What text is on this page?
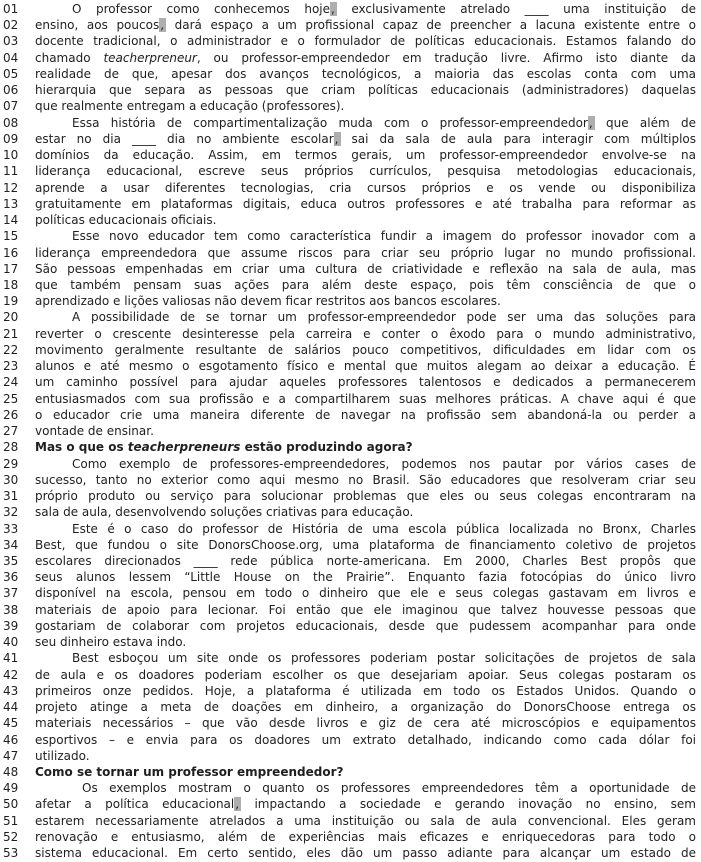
01	O professor como conhecemos hoje, exclusivamente atrelado ____ uma instituição de
02	ensino, aos poucos, dará espaço a um profissional capaz de preencher a lacuna existente entre o
03	docente tradicional, o administrador e o formulador de políticas educacionais. Estamos falando do
04	chamado teacherpreneur, ou professor-empreendedor em tradução livre. Afirmo isto diante da
05	realidade de que, apesar dos avanços tecnológicos, a maioria das escolas conta com uma
06	hierarquia que separa as pessoas que criam políticas educacionais (administradores) daquelas
07	que realmente entregam a educação (professores).
08	Essa história de compartimentalização muda com o professor-empreendedor, que além de
09	estar no dia ____ dia no ambiente escolar, sai da sala de aula para interagir com múltiplos
10	domínios da educação. Assim, em termos gerais, um professor-empreendedor envolve-se na
11	liderança educacional, escreve seus próprios currículos, pesquisa metodologias educacionais,
12	aprende a usar diferentes tecnologias, cria cursos próprios e os vende ou disponibiliza
13	gratuitamente em plataformas digitais, educa outros professores e até trabalha para reformar as
14	políticas educacionais oficiais.
15	Esse novo educador tem como característica fundir a imagem do professor inovador com a
16	liderança empreendedora que assume riscos para criar seu próprio lugar no mundo profissional.
17	São pessoas empenhadas em criar uma cultura de criatividade e reflexão na sala de aula, mas
18	que também pensam suas ações para além deste espaço, pois têm consciência de que o
19	aprendizado e lições valiosas não devem ficar restritos aos bancos escolares.
20	A possibilidade de se tornar um professor-empreendedor pode ser uma das soluções para
21	reverter o crescente desinteresse pela carreira e conter o êxodo para o mundo administrativo,
22	movimento geralmente resultante de salários pouco competitivos, dificuldades em lidar com os
23	alunos e até mesmo o esgotamento físico e mental que muitos alegam ao deixar a educação. É
24	um caminho possível para ajudar aqueles professores talentosos e dedicados a permanecerem
25	entusiasmados com sua profissão e a compartilharem suas melhores práticas. A chave aqui é que
26	o educador crie uma maneira diferente de navegar na profissão sem abandoná-la ou perder a
27	vontade de ensinar.
28	Mas o que os teacherpreneurs estão produzindo agora?
29	Como exemplo de professores-empreendedores, podemos nos pautar por vários cases de
30	sucesso, tanto no exterior como aqui mesmo no Brasil. São educadores que resolveram criar seu
31	próprio produto ou serviço para solucionar problemas que eles ou seus colegas encontraram na
32	sala de aula, desenvolvendo soluções criativas para educação.
33	Este é o caso do professor de História de uma escola pública localizada no Bronx, Charles
34	Best, que fundou o site DonorsChoose.org, uma plataforma de financiamento coletivo de projetos
35	escolares direcionados ____ rede pública norte-americana. Em 2000, Charles Best propôs que
36	seus alunos lessem “Little House on the Prairie”. Enquanto fazia fotocópias do único livro
37	disponível na escola, pensou em todo o dinheiro que ele e seus colegas gastavam em livros e
38	materiais de apoio para lecionar. Foi então que ele imaginou que talvez houvesse pessoas que
39	gostariam de colaborar com projetos educacionais, desde que pudessem acompanhar para onde
40	seu dinheiro estava indo.
41	Best esboçou um site onde os professores poderiam postar solicitações de projetos de sala
42	de aula e os doadores poderiam escolher os que desejariam apoiar. Seus colegas postaram os
43	primeiros onze pedidos. Hoje, a plataforma é utilizada em todo os Estados Unidos. Quando o
44	projeto atinge a meta de doações em dinheiro, a organização do DonorsChoose entrega os
45	materiais necessários – que vão desde livros e giz de cera até microscópios e equipamentos
46	esportivos – e envia para os doadores um extrato detalhado, indicando como cada dólar foi
47	utilizado.
48	Como se tornar um professor empreendedor?
49	Os exemplos mostram o quanto os professores empreendedores têm a oportunidade de
50	afetar a política educacional, impactando a sociedade e gerando inovação no ensino, sem
51	estarem necessariamente atrelados a uma instituição ou sala de aula convencional. Eles geram
52	renovação e entusiasmo, além de experiências mais eficazes e enriquecedoras para todo o
53	sistema educacional. Em certo sentido, eles dão um passo adiante para alcançar um estado de
